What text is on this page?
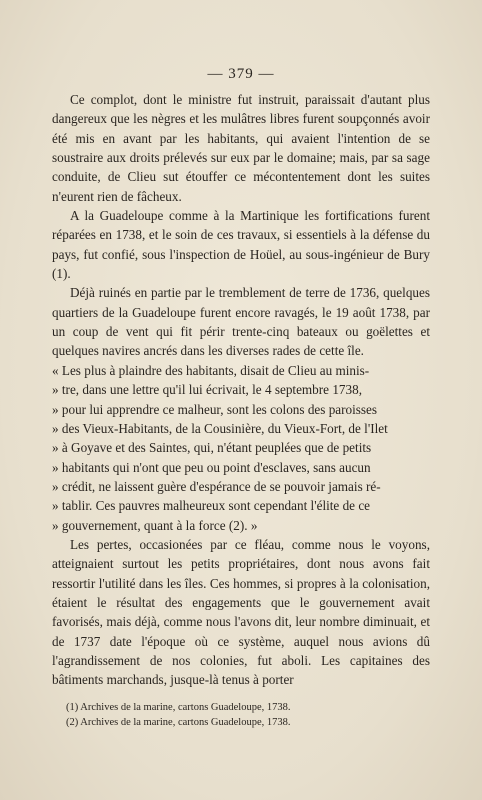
— 379 —

Ce complot, dont le ministre fut instruit, paraissait d'autant plus dangereux que les nègres et les mulâtres libres furent soupçonnés avoir été mis en avant par les habitants, qui avaient l'intention de se soustraire aux droits prélevés sur eux par le domaine; mais, par sa sage conduite, de Clieu sut étouffer ce mécontentement dont les suites n'eurent rien de fâcheux.

A la Guadeloupe comme à la Martinique les fortifications furent réparées en 1738, et le soin de ces travaux, si essentiels à la défense du pays, fut confié, sous l'inspection de Hoüel, au sous-ingénieur de Bury (1).

Déjà ruinés en partie par le tremblement de terre de 1736, quelques quartiers de la Guadeloupe furent encore ravagés, le 19 août 1738, par un coup de vent qui fit périr trente-cinq bateaux ou goëlettes et quelques navires ancrés dans les diverses rades de cette île.

« Les plus à plaindre des habitants, disait de Clieu au minis-
» tre, dans une lettre qu'il lui écrivait, le 4 septembre 1738,
» pour lui apprendre ce malheur, sont les colons des paroisses
» des Vieux-Habitants, de la Cousinière, du Vieux-Fort, de l'Ilet
» à Goyave et des Saintes, qui, n'étant peuplées que de petits
» habitants qui n'ont que peu ou point d'esclaves, sans aucun
» crédit, ne laissent guère d'espérance de se pouvoir jamais ré-
» tablir. Ces pauvres malheureux sont cependant l'élite de ce
» gouvernement, quant à la force (2). »

Les pertes, occasionées par ce fléau, comme nous le voyons, atteignaient surtout les petits propriétaires, dont nous avons fait ressortir l'utilité dans les îles. Ces hommes, si propres à la colonisation, étaient le résultat des engagements que le gouvernement avait favorisés, mais déjà, comme nous l'avons dit, leur nombre diminuait, et de 1737 date l'époque où ce système, auquel nous avions dû l'agrandissement de nos colonies, fut aboli. Les capitaines des bâtiments marchands, jusque-là tenus à porter

(1) Archives de la marine, cartons Guadeloupe, 1738.

(2) Archives de la marine, cartons Guadeloupe, 1738.
